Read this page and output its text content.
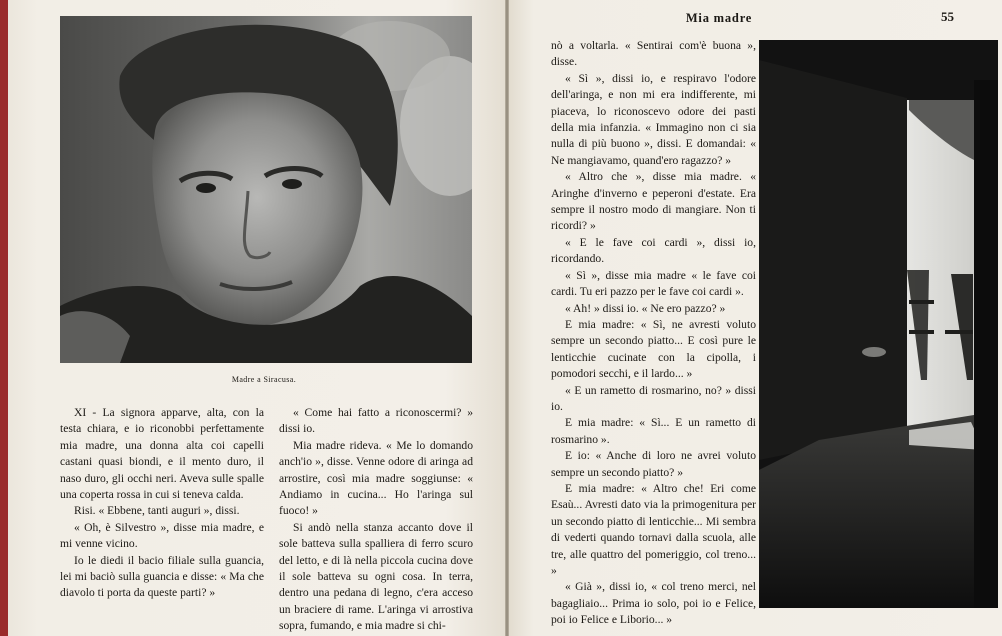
Madre a Siracusa.

XI - La signora apparve, alta, con la testa chiara, e io riconobbi perfettamente mia madre, una donna alta coi capelli castani quasi biondi, e il mento duro, il naso duro, gli occhi neri. Aveva sulle spalle una coperta rossa in cui si teneva calda.

Risi. « Ebbene, tanti auguri », dissi.

« Oh, è Silvestro », disse mia madre, e mi venne vicino.

Io le diedi il bacio filiale sulla guancia, lei mi baciò sulla guancia e disse: « Ma che diavolo ti porta da queste parti? »

« Come hai fatto a riconoscermi? » dissi io.

Mia madre rideva. « Me lo domando anch'io », disse. Venne odore di aringa ad arrostire, così mia madre soggiunse: « Andiamo in cucina... Ho l'aringa sul fuoco! »

Si andò nella stanza accanto dove il sole batteva sulla spalliera di ferro scuro del letto, e di là nella piccola cucina dove il sole batteva su ogni cosa. In terra, dentro una pedana di legno, c'era acceso un braciere di rame. L'aringa vi arrostiva sopra, fumando, e mia madre si chi-

Mia madre	55

nò a voltarla. « Sentirai com'è buona », disse.

« Sì », dissi io, e respiravo l'odore dell'aringa, e non mi era indifferente, mi piaceva, lo riconoscevo odore dei pasti della mia infanzia. « Immagino non ci sia nulla di più buono », dissi. E domandai: « Ne mangiavamo, quand'ero ragazzo? »

« Altro che », disse mia madre. « Aringhe d'inverno e peperoni d'estate. Era sempre il nostro modo di mangiare. Non ti ricordi? »

« E le fave coi cardi », dissi io, ricordando.

« Sì », disse mia madre « le fave coi cardi. Tu eri pazzo per le fave coi cardi ».

« Ah! » dissi io. « Ne ero pazzo? »

E mia madre: « Sì, ne avresti voluto sempre un secondo piatto... E così pure le lenticchie cucinate con la cipolla, i pomodori secchi, e il lardo... »

« E un rametto di rosmarino, no? » dissi io.

E mia madre: « Sì... E un rametto di rosmarino ».

E io: « Anche di loro ne avrei voluto sempre un secondo piatto? »

E mia madre: « Altro che! Eri come Esaù... Avresti dato via la primogenitura per un secondo piatto di lenticchie... Mi sembra di vederti quando tornavi dalla scuola, alle tre, alle quattro del pomeriggio, col treno... »

« Già », dissi io, « col treno merci, nel bagagliaio... Prima io solo, poi io e Felice, poi io Felice e Liborio... »
